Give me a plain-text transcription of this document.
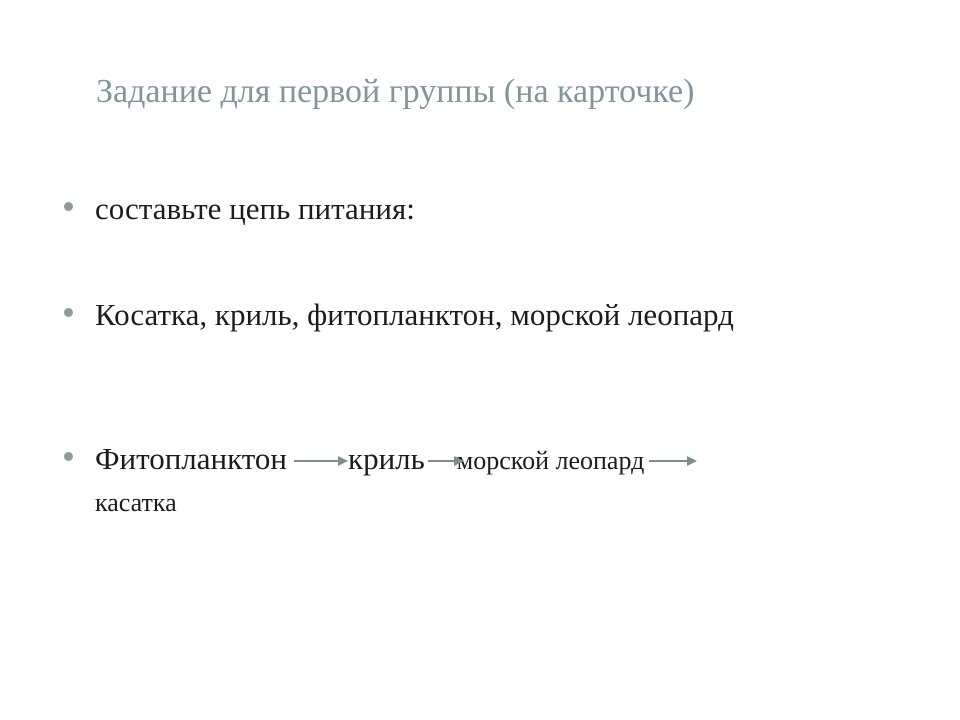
Задание для первой группы (на карточке)
составьте цепь питания:
Косатка, криль, фитопланктон, морской леопард
Фитопланктон криль морской леопард
касатка
